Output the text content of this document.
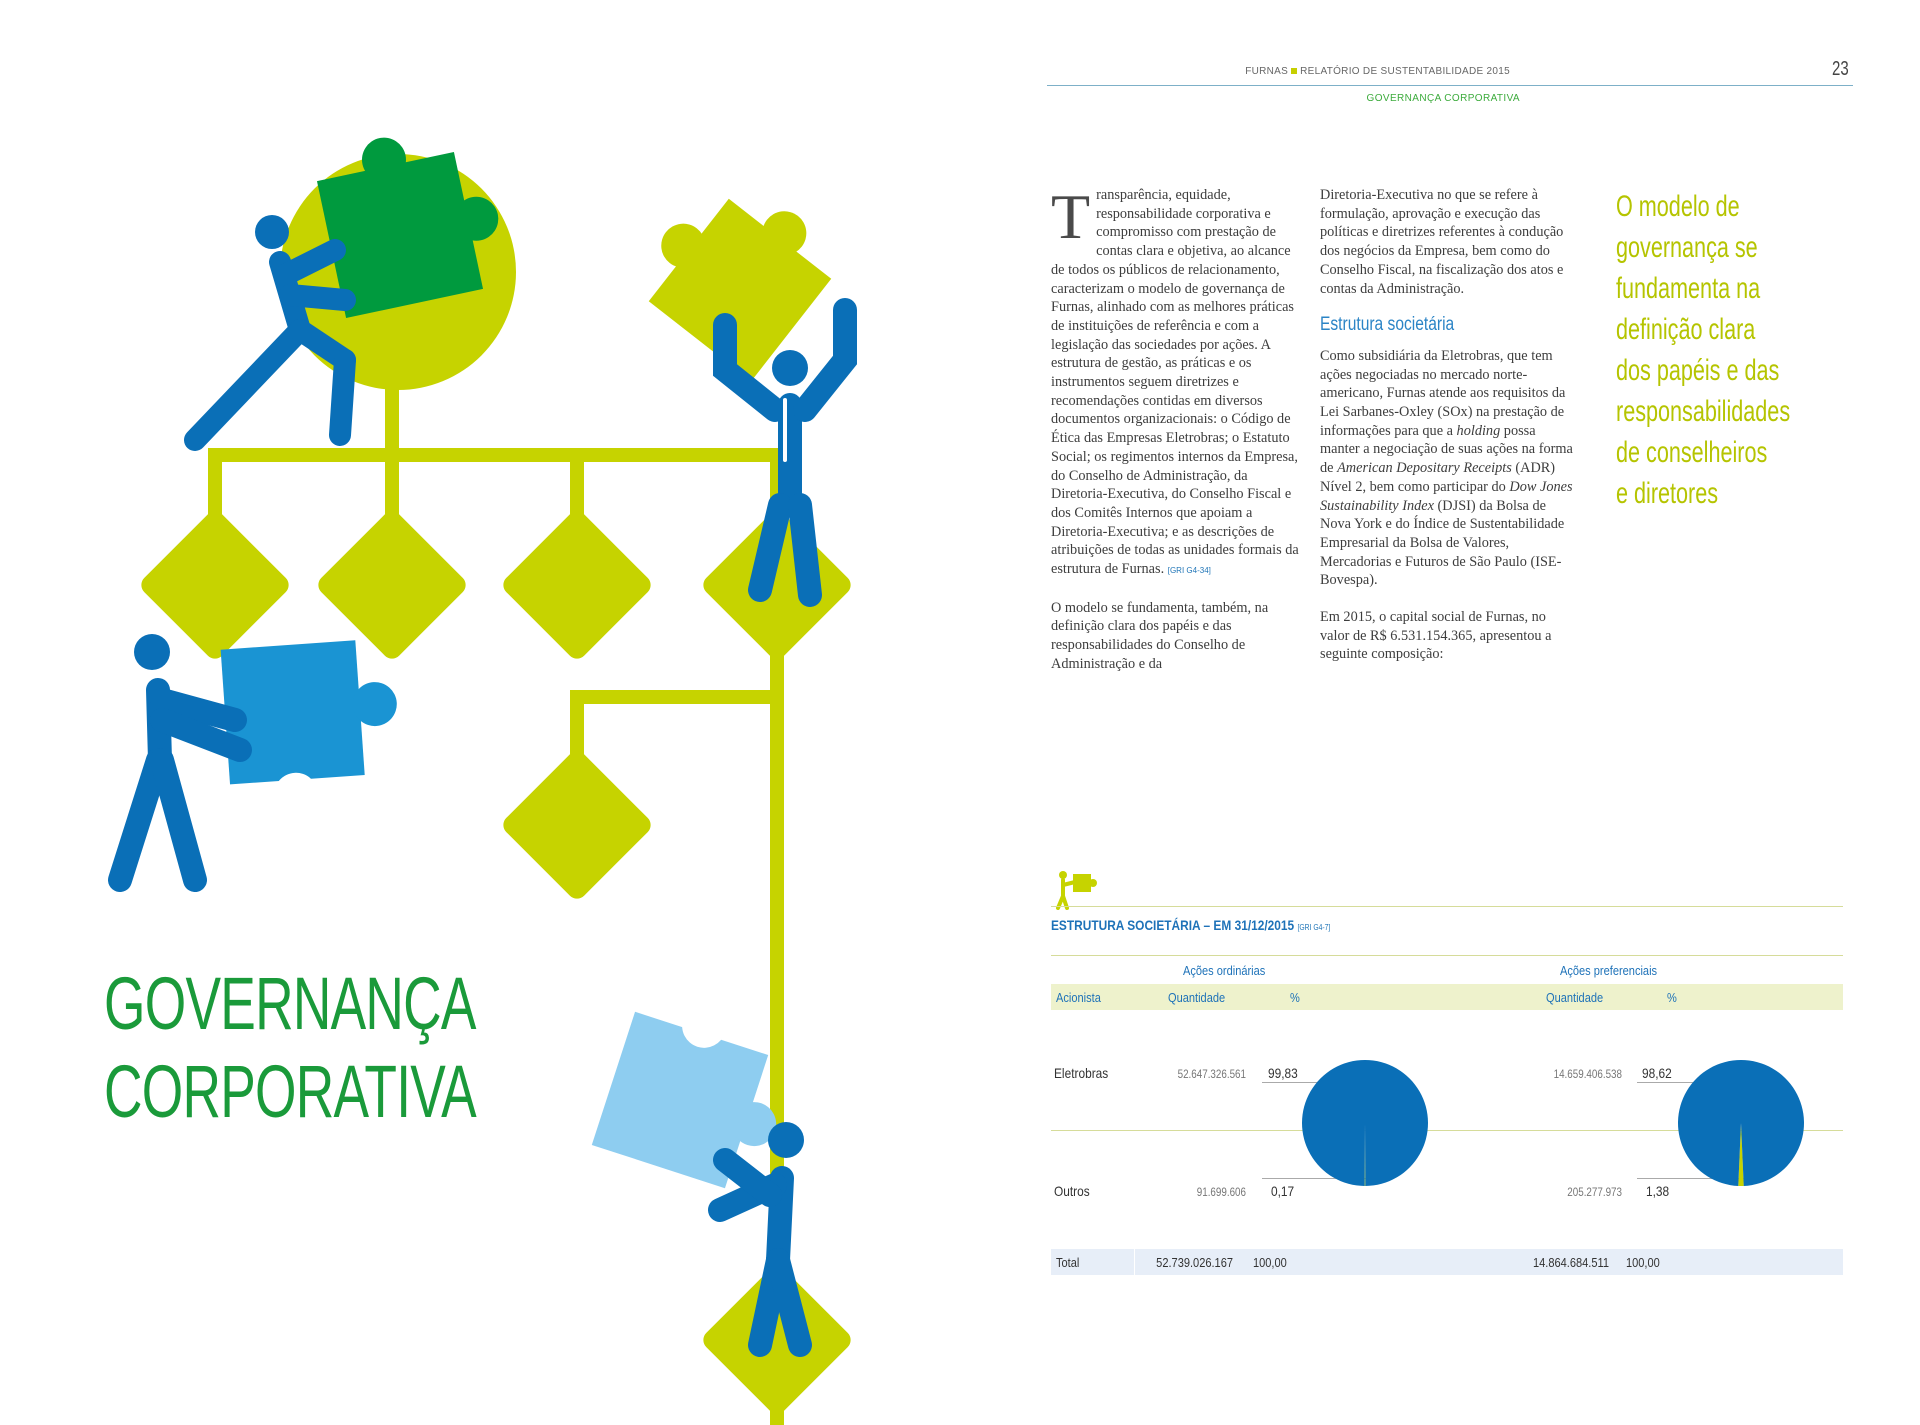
GOVERNANÇA
CORPORATIVA
FURNAS RELATÓRIO DE SUSTENTABILIDADE 2015	23
GOVERNANÇA CORPORATIVA

Transparência, equidade, responsabilidade corporativa e compromisso com prestação de contas clara e objetiva, ao alcance de todos os públicos de relacionamento, caracterizam o modelo de governança de Furnas, alinhado com as melhores práticas de instituições de referência e com a legislação das sociedades por ações. A estrutura de gestão, as práticas e os instrumentos seguem diretrizes e recomendações contidas em diversos documentos organizacionais: o Código de Ética das Empresas Eletrobras; o Estatuto Social; os regimentos internos da Empresa, do Conselho de Administração, da Diretoria-Executiva, do Conselho Fiscal e dos Comitês Internos que apoiam a Diretoria-Executiva; e as descrições de atribuições de todas as unidades formais da estrutura de Furnas. [GRI G4-34]

O modelo se fundamenta, também, na definição clara dos papéis e das responsabilidades do Conselho de Administração e da

Diretoria-Executiva no que se refere à formulação, aprovação e execução das políticas e diretrizes referentes à condução dos negócios da Empresa, bem como do Conselho Fiscal, na fiscalização dos atos e contas da Administração.

Estrutura societária

Como subsidiária da Eletrobras, que tem ações negociadas no mercado norte-americano, Furnas atende aos requisitos da Lei Sarbanes-Oxley (SOx) na prestação de informações para que a holding possa manter a negociação de suas ações na forma de American Depositary Receipts (ADR) Nível 2, bem como participar do Dow Jones Sustainability Index (DJSI) da Bolsa de Nova York e do Índice de Sustentabilidade Empresarial da Bolsa de Valores, Mercadorias e Futuros de São Paulo (ISE-Bovespa).

Em 2015, o capital social de Furnas, no valor de R$ 6.531.154.365, apresentou a seguinte composição:

O modelo de
governança se
fundamenta na
definição clara
dos papéis e das
responsabilidades
de conselheiros
e diretores
ESTRUTURA SOCIETÁRIA – EM 31/12/2015 [GRI G4-7]
Ações ordinárias	Ações preferenciais
Acionista	Quantidade	%	Quantidade	%
Eletrobras	52.647.326.561 99,83	14.659.406.538 98,62
Outros	91.699.606 0,17	205.277.973 1,38
Total	52.739.026.167 100,00	14.864.684.511 100,00
